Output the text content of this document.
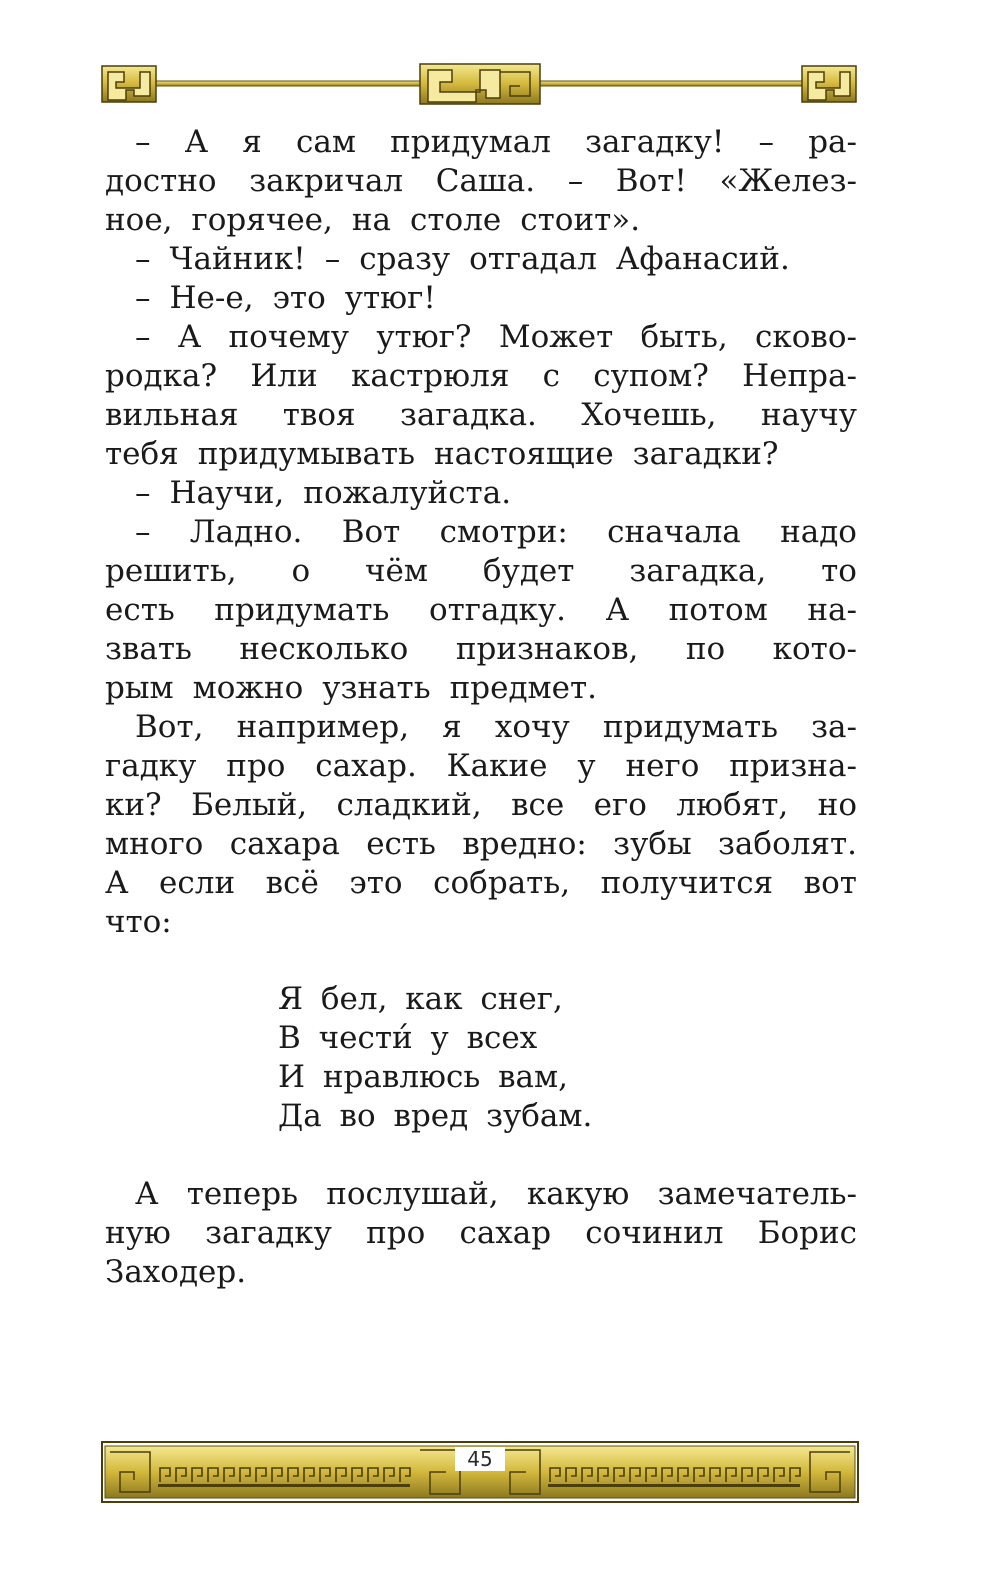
– А я сам придумал загадку! – ра-
достно закричал Саша. – Вот! «Желез-
ное, горячее, на столе стоит».
– Чайник! – сразу отгадал Афанасий.
– Не-е, это утюг!
– А почему утюг? Может быть, сково-
родка? Или кастрюля с супом? Непра-
вильная твоя загадка. Хочешь, научу
тебя придумывать настоящие загадки?
– Научи, пожалуйста.
– Ладно. Вот смотри: сначала надо
решить, о чём будет загадка, то
есть придумать отгадку. А потом на-
звать несколько признаков, по кото-
рым можно узнать предмет.
Вот, например, я хочу придумать за-
гадку про сахар. Какие у него призна-
ки? Белый, сладкий, все его любят, но
много сахара есть вредно: зубы заболят.
А если всё это собрать, получится вот
что:
Я бел, как снег,
В чести́ у всех
И нравлюсь вам,
Да во вред зубам.
А теперь послушай, какую замечатель-
ную загадку про сахар сочинил Борис
Заходер.
45
